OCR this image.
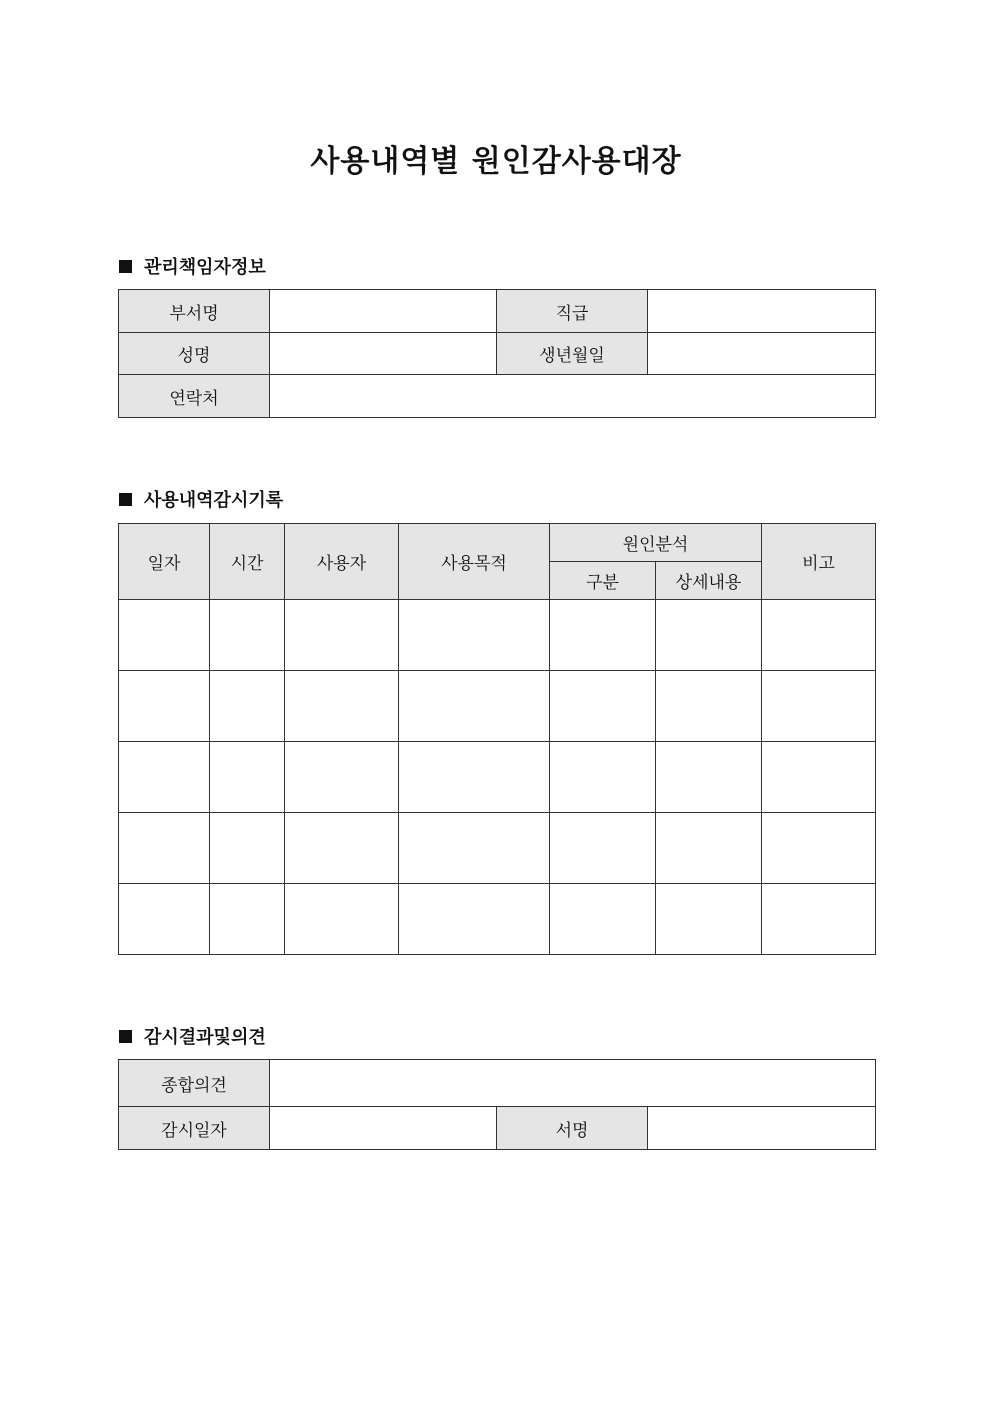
사용내역별 원인감사용대장
관리책임자정보
부서명		직급	
성명		생년월일	
연락처			
사용내역감시기록
일자	시간	사용자	사용목적	원인분석		비고
				구분	상세내용	

감시결과및의견
종합의견			
감시일자		서명	
